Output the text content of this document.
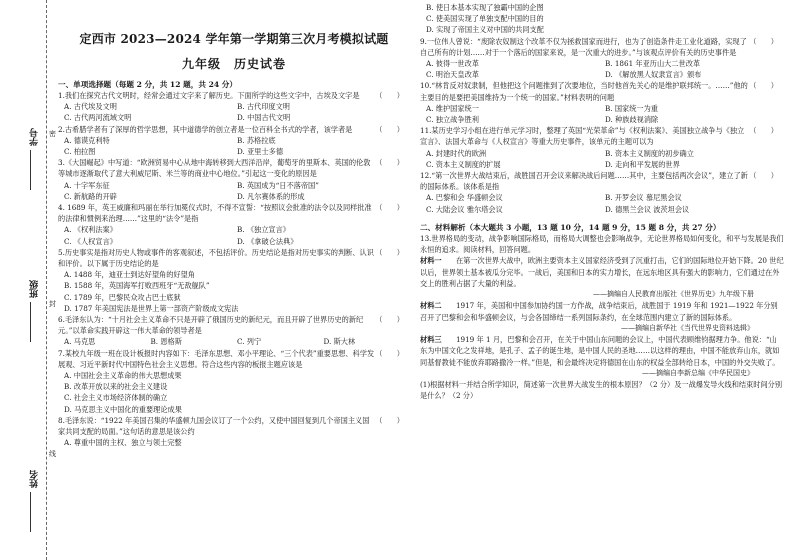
学号
班级
姓名
密
封
线
定西市 2023—2024 学年第一学期第三次月考模拟试题
九年级　历史试卷
一、单项选择题（每题 2 分，共 12 题，共 24 分）
（　　）
1.我们在探究古代文明时，经常会通过文字来了解历史。下面所学的这些文字中，古埃及文字是
A. 古代埃及文明	B. 古代印度文明
C. 古代两河流域文明	D. 中国古代文明
（　　）
2.古希腊学者有了深厚的哲学思想，其中道德学的创立者是一位百科全书式的学者，该学者是
A. 德谟克利特	B. 苏格拉底
C. 柏拉图	D. 亚里士多德
（　　）
3.《大国崛起》中写道：“欧洲贸易中心从地中海转移到大西洋沿岸，葡萄牙的里斯本、英国的伦敦等城市逐渐取代了意大利威尼斯、米兰等的商业中心地位。”引起这一变化的原因是
A. 十字军东征	B. 英国成为“日不落帝国”
C. 新航路的开辟	D. 凡尔赛体系的形成
（　　）
4. 1689 年，英王威廉和玛丽在举行加冕仪式时，不得不宣誓：“按照议会批准的法令以及同样批准的法律和惯例来治理……”这里的“法令”是指
A. 《权利法案》	B. 《独立宣言》
C. 《人权宣言》	D. 《拿破仑法典》
（　　）
5.历史事实是指对历史人物或事件的客观叙述，不包括评价。历史结论是指对历史事实的判断、认识和评价。以下属于历史结论的是
A. 1488 年，迪亚士到达好望角的好望角
B. 1588 年，英国海军打败西班牙“无敌舰队”
C. 1789 年，巴黎民众攻占巴士底狱
D. 1787 年美国宪法是世界上第一部资产阶级成文宪法
（　　）
6.毛泽东认为：“十月社会主义革命不只是开辟了俄国历史的新纪元，而且开辟了世界历史的新纪元。”以革命实践开辟这一伟大革命的领导者是
A. 马克思	B. 恩格斯	C. 列宁	D. 斯大林
（　　）
7.某校九年级一班在设计板报时内容如下：毛泽东思想、邓小平理论、“三个代表”重要思想、科学发展观、习近平新时代中国特色社会主义思想。符合这些内容的板报主题应该是
A. 中国社会主义革命的伟大思想成果
B. 改革开放以来的社会主义建设
C. 社会主义市场经济体制的确立
D. 马克思主义中国化的重要理论成果
（　　）
8.毛泽东说：“1922 年美国召集的华盛顿九国会议订了一个公约，又使中国回复到几个帝国主义国家共同支配的局面。”这句话的意思是该公约
A. 尊重中国的主权、独立与领土完整
B. 使日本基本实现了独霸中国的企图
C. 使美国实现了单独支配中国的目的
D. 实现了帝国主义对中国的共同支配
（　　）
9.一位伟人曾说：“废除农奴制这个改革不仅为拯救国家而进行，也为了创造条件走工业化道路，实现了自己所有的计划……对于一个落后的国家来说，是一次重大的进步。”与该观点评价有关的历史事件是
A. 彼得一世改革	B. 1861 年亚历山大二世改革
C. 明治天皇改革	D. 《解放黑人奴隶宣言》颁布
（　　）
10.“林肯反对奴隶制，但他把这个问题推到了次要地位，当时他首先关心的是维护联邦统一。……”他的主要目的是要把美国维持为一个统一的国家。”材料表明的问题
A. 维护国家统一	B. 国家统一为重
C. 独立战争胜利	D. 种族歧视消除
（　　）
11.某历史学习小组在进行单元学习时，整理了英国“光荣革命”与《权利法案》、美国独立战争与《独立宣言》、法国大革命与《人权宣言》等重大历史事件，该单元的主题可以为
A. 封建时代的欧洲	B. 资本主义制度的初步确立
C. 资本主义制度的扩展	D. 走向和平发展的世界
（　　）
12.“第一次世界大战结束后，战胜国召开会议来解决战后问题……其中，主要包括两次会议”，建立了新的国际体系。该体系是指
A. 巴黎和会 华盛顿会议	B. 开罗会议 慕尼黑会议
C. 大陆会议 雅尔塔会议	D. 德黑兰会议 波茨坦会议
二、材料解析（本大题共 3 小题，13 题 10 分，14 题 9 分，15 题 8 分，共 27 分）
13.世界格局的变动，战争影响国际格局，而格局大调整也会影响战争，无论世界格局如何变化，和平与发展是我们永恒的追求。阅读材料，回答问题。
材料一　　在第一次世界大战中，欧洲主要资本主义国家经济受到了沉重打击，它们的国际地位开始下降。20 世纪以后，世界领土基本被瓜分完毕。一战后，美国和日本的实力增长，在远东地区具有强大的影响力，它们通过在外交上的胜利占据了大量的利益。
——摘编自人民教育出版社《世界历史》九年级下册
材料二　　1917 年，美国和中国参加协约国一方作战，战争结束后，战胜国于 1919 年和 1921—1922 年分别召开了巴黎和会和华盛顿会议，与会各国缔结一系列国际条约，在全球范围内建立了新的国际体系。
——摘编自新华社《当代世界史资料选辑》
材料三　　1919 年 1 月，巴黎和会召开，在关于中国山东问题的会议上，中国代表顾维钧据理力争。他说：“山东为中国文化之发祥地，是孔子、孟子的诞生地，是中国人民的圣地……以这样的理由，中国不能放弃山东，就如同基督教徒不能放弃耶路撒冷一样。”但是，和会最终决定将德国在山东的权益全部转给日本，中国的外交失败了。
——摘编自李新总编《中华民国史》
(1)根据材料一并结合所学知识，简述第一次世界大战发生的根本原因？（2 分）及一战爆发导火线和结束时间分别是什么？（2 分）
